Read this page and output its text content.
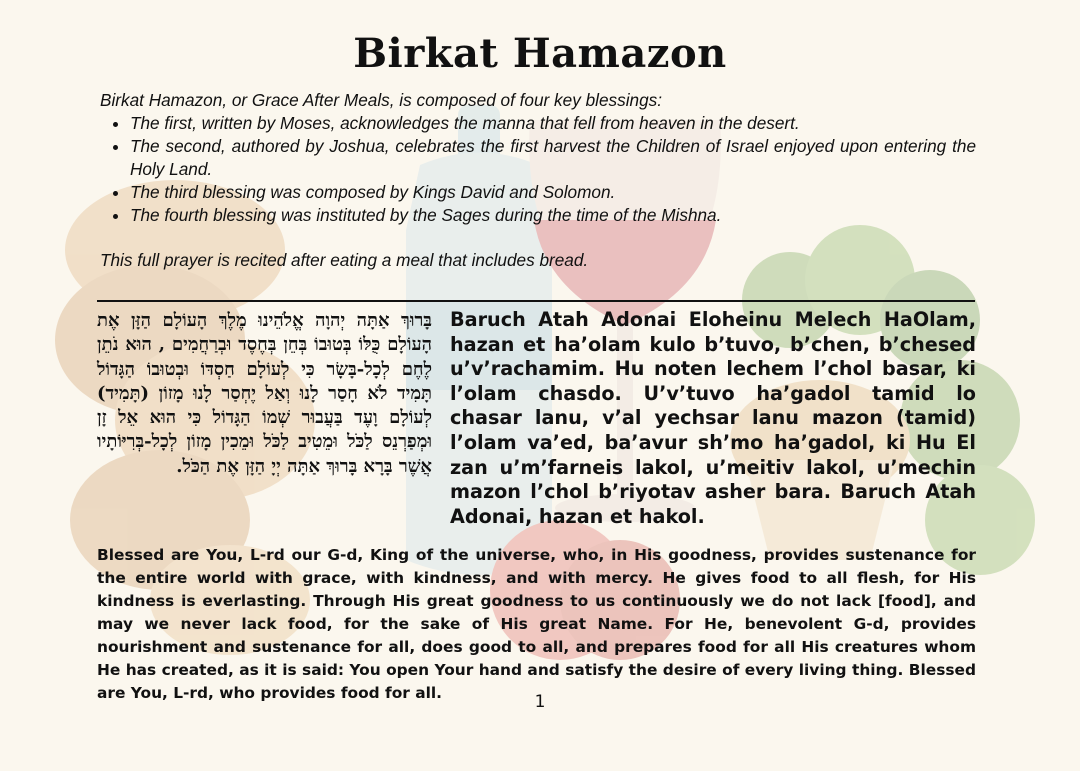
Birkat Hamazon
Birkat Hamazon, or Grace After Meals, is composed of four key blessings:
• The first, written by Moses, acknowledges the manna that fell from heaven in the desert.
• The second, authored by Joshua, celebrates the first harvest the Children of Israel enjoyed upon entering the Holy Land.
• The third blessing was composed by Kings David and Solomon.
• The fourth blessing was instituted by the Sages during the time of the Mishna.
This full prayer is recited after eating a meal that includes bread.
בָּרוּךְ אַתָּה יְהוָה אֱלֹהֵינוּ מֶלֶךְ הָעוֹלָם הַזָּן אֶת הָעוֹלָם כֻּלּוֹ בְּטוּבוֹ בְּחֵן בְּחֶסֶד וּבְרַחֲמִים , הוּא נֹתֵן לֶחֶם לְכָל-בָּשָׂר כִּי לְעוֹלָם חַסְדּוֹ וּבְטוּבוֹ הַגָּדוֹל תָּמִיד לֹא חָסַר לָנוּ וְאַל יֶחְסַר לָנוּ מָזוֹן (תָּמִיד) לְעוֹלָם וָעֶד בַּעֲבוּר שְׁמוֹ הַגָּדוֹל כִּי הוּא אֵל זָן וּמְפַרְנֵס לַכֹּל וּמֵטִיב לַכֹּל וּמֵכִין מָזוֹן לְכָל-בְּרִיּוֹתָיו אֲשֶׁר בָּרָא בָּרוּךְ אַתָּה יְיָ הַזָּן אֶת הַכֹּל.
Baruch Atah Adonai Eloheinu Melech HaOlam, hazan et ha’olam kulo b’tuvo, b’chen, b’chesed u’v’rachamim. Hu noten lechem l’chol basar, ki l’olam chasdo. U’v’tuvo ha’gadol tamid lo chasar lanu, v’al yechsar lanu mazon (tamid) l’olam va’ed, ba’avur sh’mo ha’gadol, ki Hu El zan u’m’farneis lakol, u’meitiv lakol, u’mechin mazon l’chol b’riyotav asher bara. Baruch Atah Adonai, hazan et hakol.
Blessed are You, L-rd our G-d, King of the universe, who, in His goodness, provides sustenance for the entire world with grace, with kindness, and with mercy. He gives food to all flesh, for His kindness is everlasting. Through His great goodness to us continuously we do not lack [food], and may we never lack food, for the sake of His great Name. For He, benevolent G-d, provides nourishment and sustenance for all, does good to all, and prepares food for all His creatures whom He has created, as it is said: You open Your hand and satisfy the desire of every living thing. Blessed are You, L-rd, who provides food for all.	1
